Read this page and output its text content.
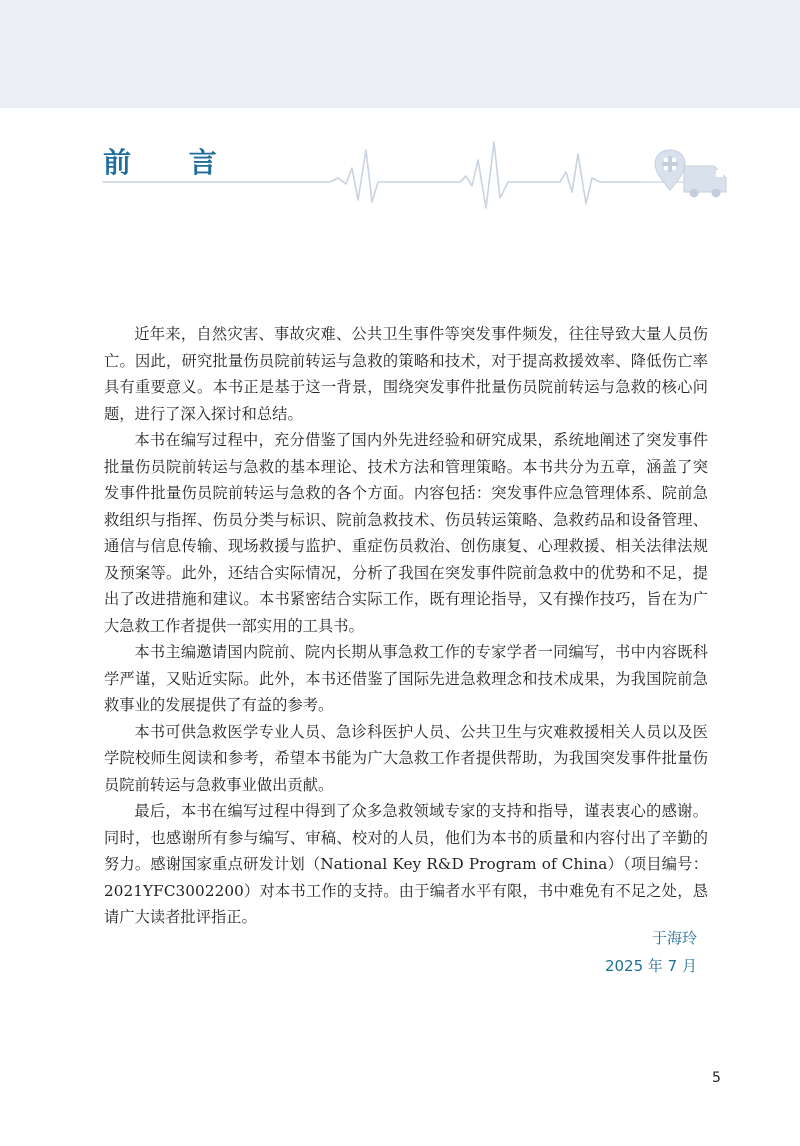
前 言

近年来，自然灾害、事故灾难、公共卫生事件等突发事件频发，往往导致大量人员伤亡。因此，研究批量伤员院前转运与急救的策略和技术，对于提高救援效率、降低伤亡率具有重要意义。本书正是基于这一背景，围绕突发事件批量伤员院前转运与急救的核心问题，进行了深入探讨和总结。

本书在编写过程中，充分借鉴了国内外先进经验和研究成果，系统地阐述了突发事件批量伤员院前转运与急救的基本理论、技术方法和管理策略。本书共分为五章，涵盖了突发事件批量伤员院前转运与急救的各个方面。内容包括：突发事件应急管理体系、院前急救组织与指挥、伤员分类与标识、院前急救技术、伤员转运策略、急救药品和设备管理、通信与信息传输、现场救援与监护、重症伤员救治、创伤康复、心理救援、相关法律法规及预案等。此外，还结合实际情况，分析了我国在突发事件院前急救中的优势和不足，提出了改进措施和建议。本书紧密结合实际工作，既有理论指导，又有操作技巧，旨在为广大急救工作者提供一部实用的工具书。

本书主编邀请国内院前、院内长期从事急救工作的专家学者一同编写，书中内容既科学严谨，又贴近实际。此外，本书还借鉴了国际先进急救理念和技术成果，为我国院前急救事业的发展提供了有益的参考。

本书可供急救医学专业人员、急诊科医护人员、公共卫生与灾难救援相关人员以及医学院校师生阅读和参考，希望本书能为广大急救工作者提供帮助，为我国突发事件批量伤员院前转运与急救事业做出贡献。

最后，本书在编写过程中得到了众多急救领域专家的支持和指导，谨表衷心的感谢。同时，也感谢所有参与编写、审稿、校对的人员，他们为本书的质量和内容付出了辛勤的努力。感谢国家重点研发计划（National Key R&D Program of China）（项目编号：2021YFC3002200）对本书工作的支持。由于编者水平有限，书中难免有不足之处，恳请广大读者批评指正。

于海玲
2025 年 7 月
5
